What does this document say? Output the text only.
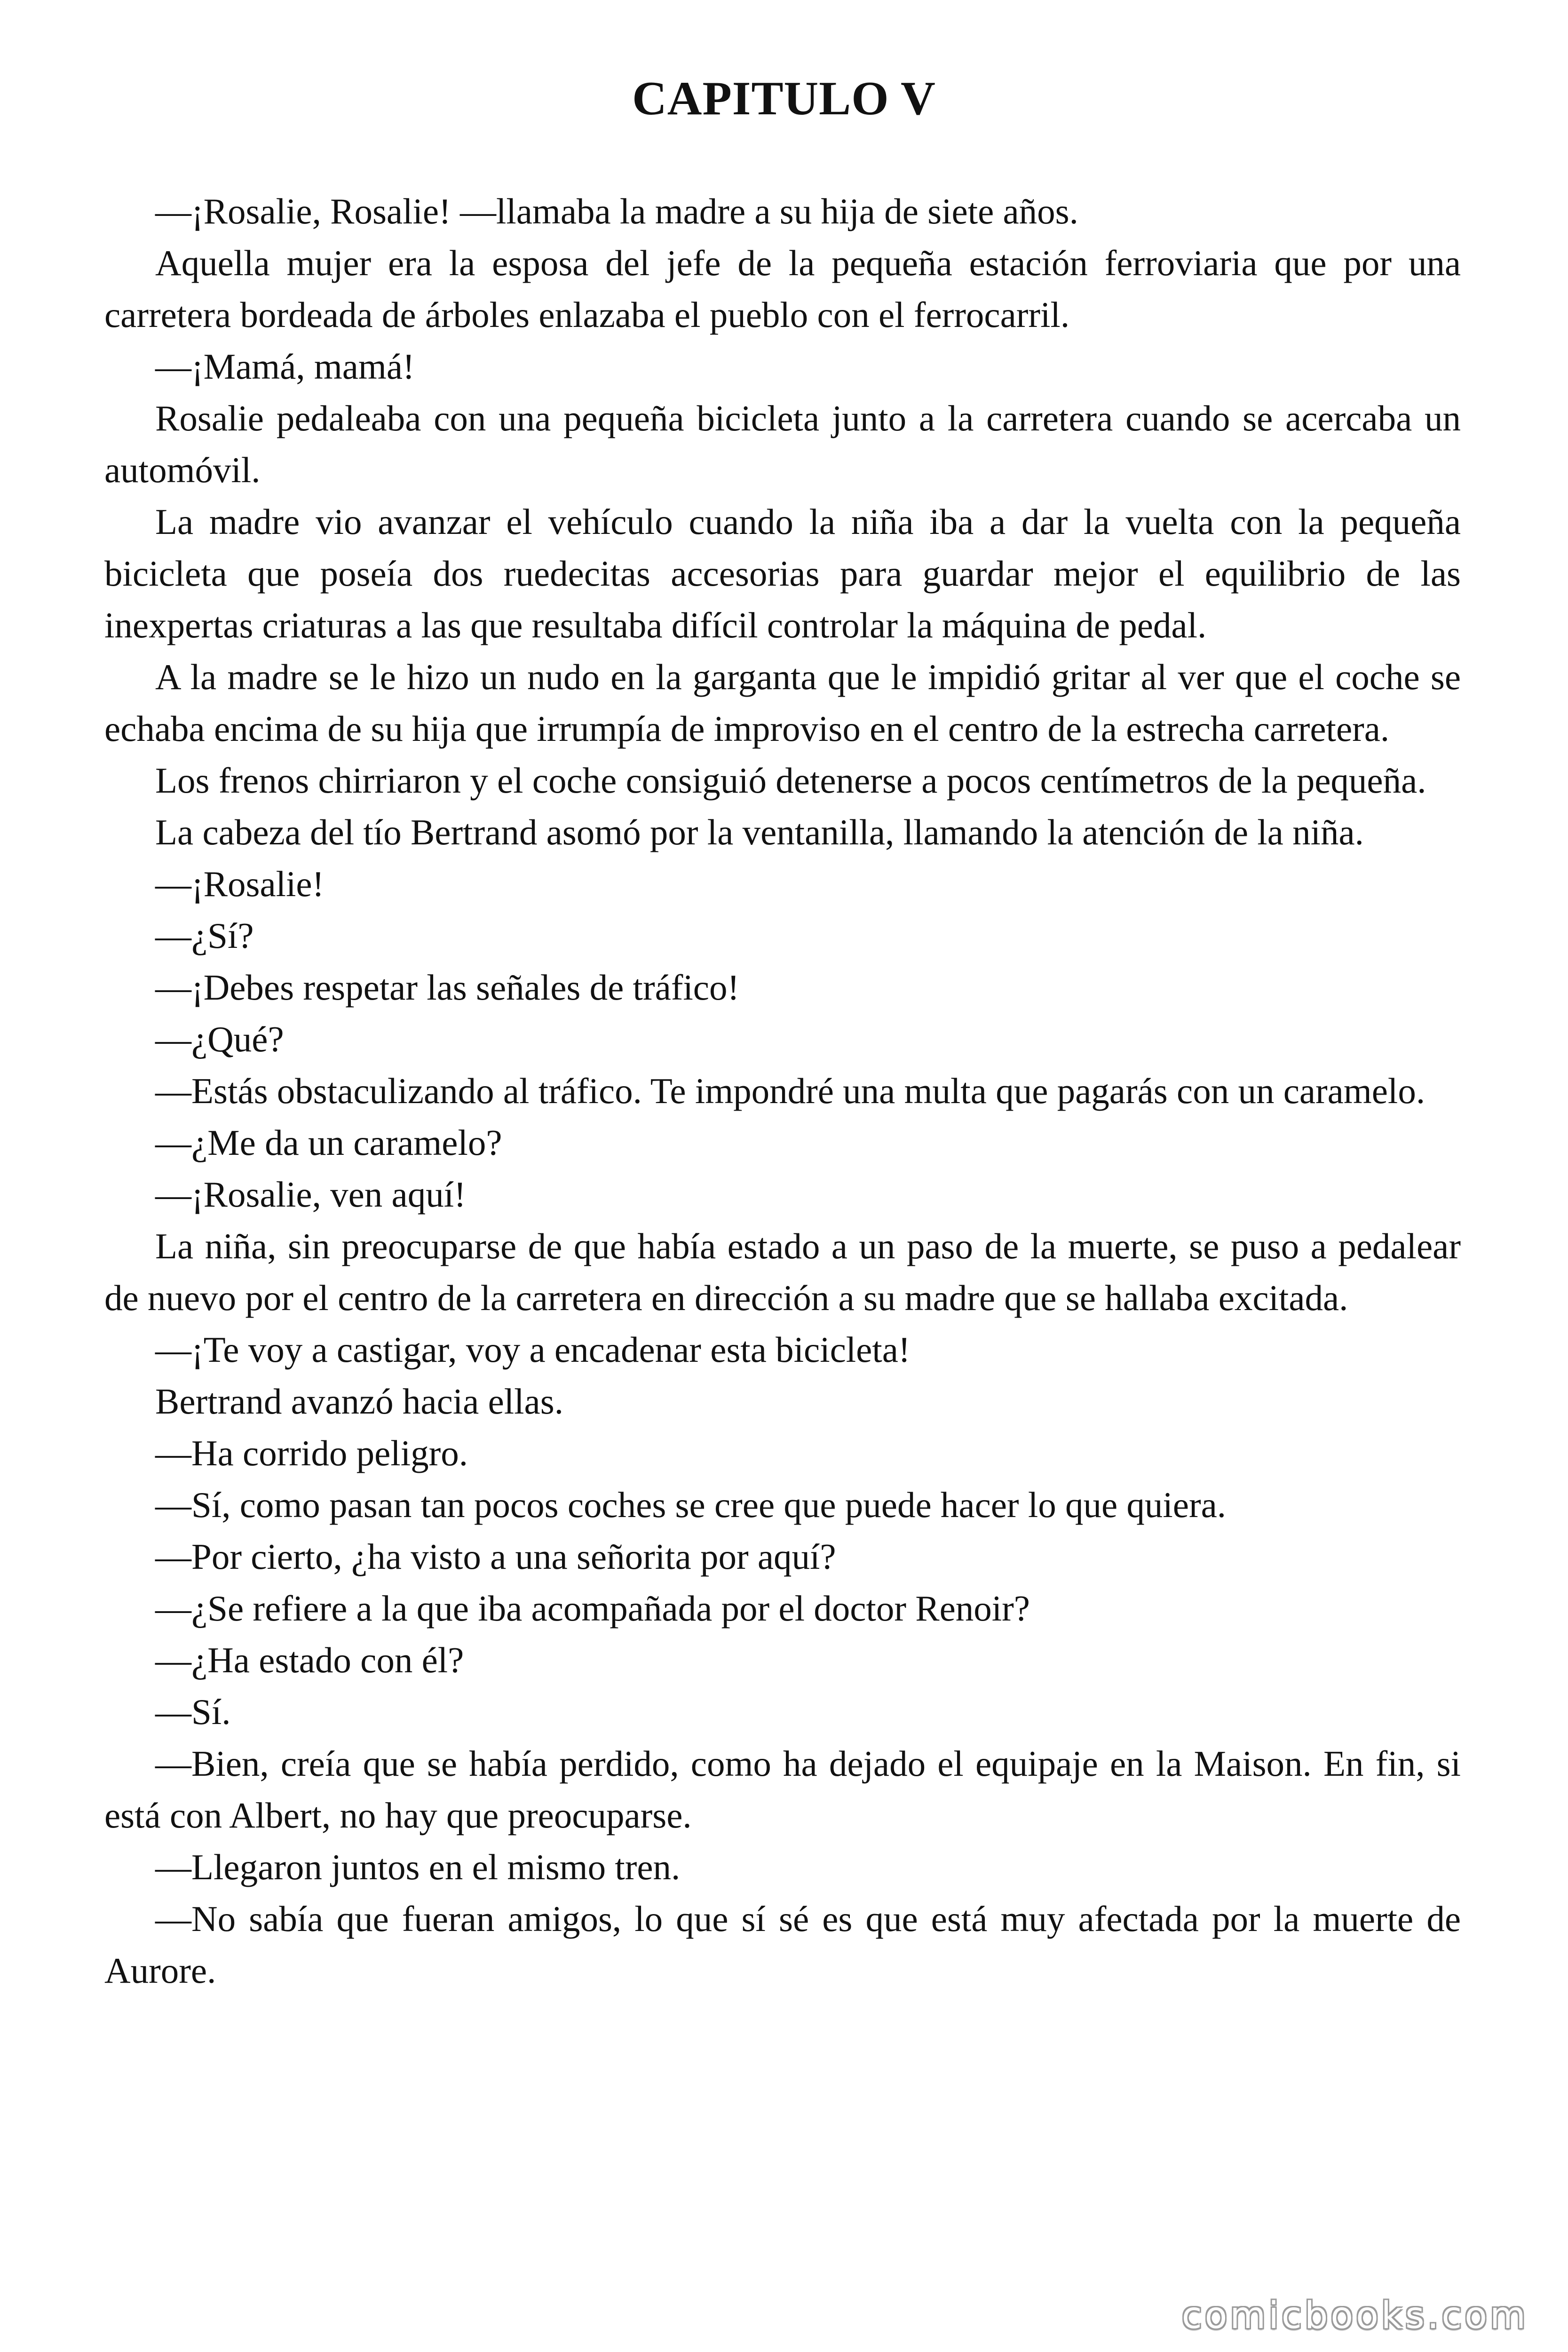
CAPITULO V

—¡Rosalie, Rosalie! —llamaba la madre a su hija de siete años.

Aquella mujer era la esposa del jefe de la pequeña estación ferroviaria que por una carretera bordeada de árboles enlazaba el pueblo con el ferrocarril.

—¡Mamá, mamá!

Rosalie pedaleaba con una pequeña bicicleta junto a la carretera cuando se acercaba un automóvil.

La madre vio avanzar el vehículo cuando la niña iba a dar la vuelta con la pequeña bicicleta que poseía dos ruedecitas accesorias para guardar mejor el equilibrio de las inexpertas criaturas a las que resultaba difícil controlar la máquina de pedal.

A la madre se le hizo un nudo en la garganta que le impidió gritar al ver que el coche se echaba encima de su hija que irrumpía de improviso en el centro de la estrecha carretera.

Los frenos chirriaron y el coche consiguió detenerse a pocos centímetros de la pequeña.

La cabeza del tío Bertrand asomó por la ventanilla, llamando la atención de la niña.

—¡Rosalie!

—¿Sí?

—¡Debes respetar las señales de tráfico!

—¿Qué?

—Estás obstaculizando al tráfico. Te impondré una multa que pagarás con un caramelo.

—¿Me da un caramelo?

—¡Rosalie, ven aquí!

La niña, sin preocuparse de que había estado a un paso de la muerte, se puso a pedalear de nuevo por el centro de la carretera en dirección a su madre que se hallaba excitada.

—¡Te voy a castigar, voy a encadenar esta bicicleta!

Bertrand avanzó hacia ellas.

—Ha corrido peligro.

—Sí, como pasan tan pocos coches se cree que puede hacer lo que quiera.

—Por cierto, ¿ha visto a una señorita por aquí?

—¿Se refiere a la que iba acompañada por el doctor Renoir?

—¿Ha estado con él?

—Sí.

—Bien, creía que se había perdido, como ha dejado el equipaje en la Maison. En fin, si está con Albert, no hay que preocuparse.

—Llegaron juntos en el mismo tren.

—No sabía que fueran amigos, lo que sí sé es que está muy afectada por la muerte de Aurore.

comicbooks.com
